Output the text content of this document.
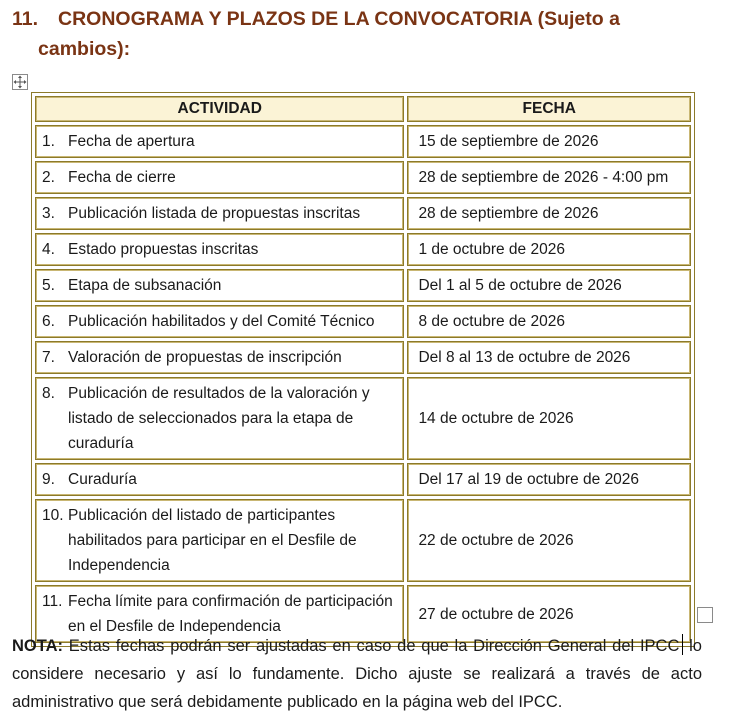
11. CRONOGRAMA Y PLAZOS DE LA CONVOCATORIA (Sujeto a
cambios):
ACTIVIDAD	FECHA

1. Fecha de apertura	15 de septiembre de 2026

2. Fecha de cierre	28 de septiembre de 2026 - 4:00 pm

3. Publicación listada de propuestas inscritas	28 de septiembre de 2026

4. Estado propuestas inscritas	1 de octubre de 2026

5. Etapa de subsanación	Del 1 al 5 de octubre de 2026

6. Publicación habilitados y del Comité Técnico	8 de octubre de 2026

7. Valoración de propuestas de inscripción	Del 8 al 13 de octubre de 2026

8. Publicación de resultados de la valoración y listado de seleccionados para la etapa de curaduría	14 de octubre de 2026

9. Curaduría	Del 17 al 19 de octubre de 2026

10. Publicación del listado de participantes habilitados para participar en el Desfile de Independencia	22 de octubre de 2026

11. Fecha límite para confirmación de participación en el Desfile de Independencia	27 de octubre de 2026
NOTA: Estas fechas podrán ser ajustadas en caso de que la Dirección General del IPCC lo considere necesario y así lo fundamente. Dicho ajuste se realizará a través de acto administrativo que será debidamente publicado en la página web del IPCC.
